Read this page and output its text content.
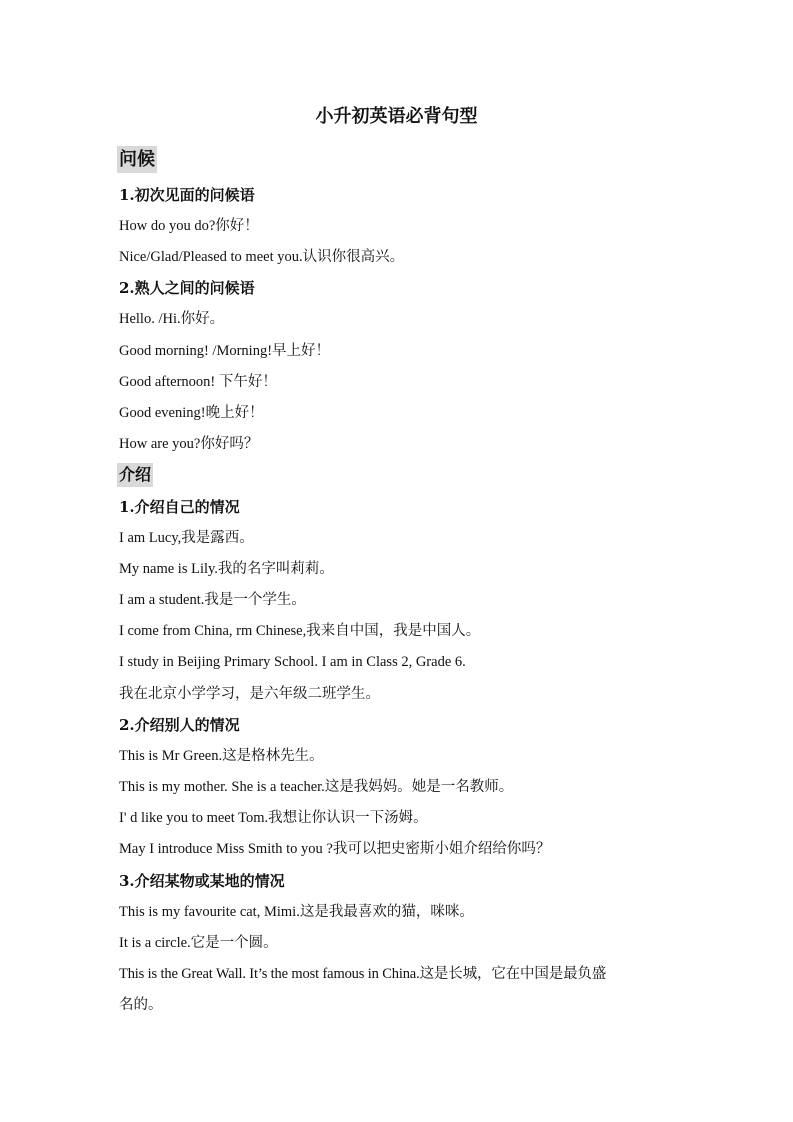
小升初英语必背句型
问候
1.初次见面的问候语

How do you do?你好！

Nice/Glad/Pleased to meet you.认识你很高兴。

2.熟人之间的问候语

Hello. /Hi.你好。

Good morning! /Morning!早上好！

Good afternoon! 下午好！

Good evening!晚上好！

How are you?你好吗？

介绍
1.介绍自己的情况

I am Lucy,我是露西。

My name is Lily.我的名字叫莉莉。

I am a student.我是一个学生。

I come from China, rm Chinese,我来自中国，我是中国人。

I study in Beijing Primary School. I am in Class 2, Grade 6.

我在北京小学学习，是六年级二班学生。

2.介绍别人的情况

This is Mr Green.这是格林先生。

This is my mother. She is a teacher.这是我妈妈。她是一名教师。

I' d like you to meet Tom.我想让你认识一下汤姆。

May I introduce Miss Smith to you ?我可以把史密斯小姐介绍给你吗？

3.介绍某物或某地的情况

This is my favourite cat, Mimi.这是我最喜欢的猫，咪咪。

It is a circle.它是一个圆。

This is the Great Wall. It’s the most famous in China.这是长城，它在中国是最负盛

名的。
